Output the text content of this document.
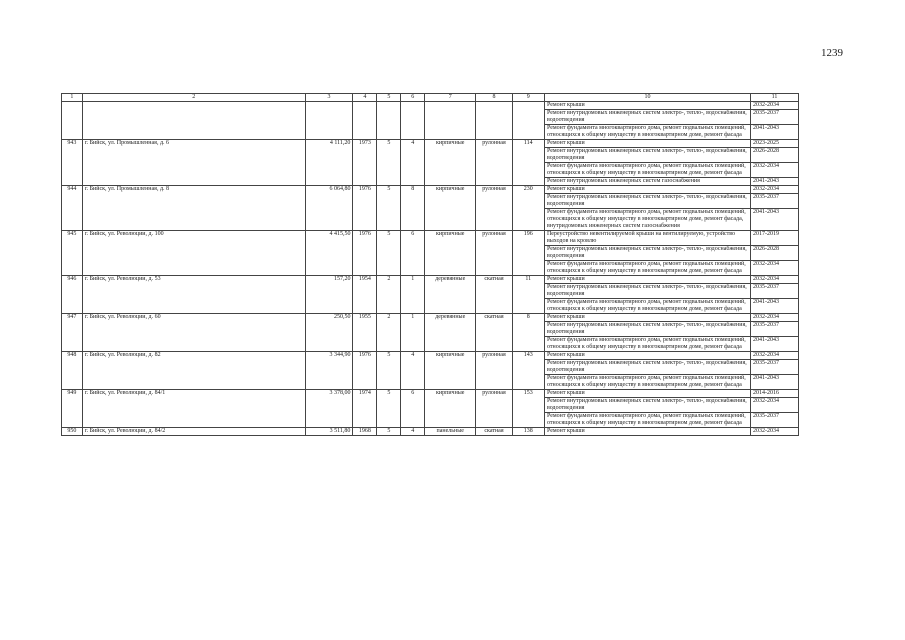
1239
1	2	3	4	5	6	7	8	9	10	11
									Ремонт крыши	2032-2034
									Ремонт внутридомовых инженерных систем электро-, тепло-, водоснабжения, водоотведения	2035-2037
									Ремонт фундамента многоквартирного дома, ремонт подвальных помещений, относящихся к общему имуществу в многоквартирном доме, ремонт фасада	2041-2043
943	г. Бийск, ул. Промышленная, д. 6	4 111,20	1973	5	4	кирпичные	рулонная	114	Ремонт крыши	2023-2025
									Ремонт внутридомовых инженерных систем электро-, тепло-, водоснабжения, водоотведения	2026-2028
									Ремонт фундамента многоквартирного дома, ремонт подвальных помещений, относящихся к общему имуществу в многоквартирном доме, ремонт фасада	2032-2034
									Ремонт внутридомовых инженерных систем газоснабжения	2041-2043
944	г. Бийск, ул. Промышленная, д. 8	6 064,80	1976	5	8	кирпичные	рулонная	230	Ремонт крыши	2032-2034
									Ремонт внутридомовых инженерных систем электро-, тепло-, водоснабжения, водоотведения	2035-2037
									Ремонт фундамента многоквартирного дома, ремонт подвальных помещений, относящихся к общему имуществу в многоквартирном доме, ремонт фасада, внутридомовых инженерных систем газоснабжения	2041-2043
945	г. Бийск, ул. Революции, д. 100	4 415,50	1976	5	6	кирпичные	рулонная	196	Переустройство невентилируемой крыши на вентилируемую, устройство выходов на кровлю	2017-2019
									Ремонт внутридомовых инженерных систем электро-, тепло-, водоснабжения, водоотведения	2026-2028
									Ремонт фундамента многоквартирного дома, ремонт подвальных помещений, относящихся к общему имуществу в многоквартирном доме, ремонт фасада	2032-2034
946	г. Бийск, ул. Революции, д. 53	157,20	1954	2	1	деревянные	скатная	11	Ремонт крыши	2032-2034
									Ремонт внутридомовых инженерных систем электро-, тепло-, водоснабжения, водоотведения	2035-2037
									Ремонт фундамента многоквартирного дома, ремонт подвальных помещений, относящихся к общему имуществу в многоквартирном доме, ремонт фасада	2041-2043
947	г. Бийск, ул. Революции, д. 60	250,50	1955	2	1	деревянные	скатная	8	Ремонт крыши	2032-2034
									Ремонт внутридомовых инженерных систем электро-, тепло-, водоснабжения, водоотведения	2035-2037
									Ремонт фундамента многоквартирного дома, ремонт подвальных помещений, относящихся к общему имуществу в многоквартирном доме, ремонт фасада	2041-2043
948	г. Бийск, ул. Революции, д. 82	3 344,90	1976	5	4	кирпичные	рулонная	143	Ремонт крыши	2032-2034
									Ремонт внутридомовых инженерных систем электро-, тепло-, водоснабжения, водоотведения	2035-2037
									Ремонт фундамента многоквартирного дома, ремонт подвальных помещений, относящихся к общему имуществу в многоквартирном доме, ремонт фасада	2041-2043
949	г. Бийск, ул. Революции, д. 84/1	3 378,00	1974	5	6	кирпичные	рулонная	153	Ремонт крыши	2014-2016
									Ремонт внутридомовых инженерных систем электро-, тепло-, водоснабжения, водоотведения	2032-2034
									Ремонт фундамента многоквартирного дома, ремонт подвальных помещений, относящихся к общему имуществу в многоквартирном доме, ремонт фасада	2035-2037
950	г. Бийск, ул. Революции, д. 84/2	3 511,80	1968	5	4	панельные	скатная	138	Ремонт крыши	2032-2034
